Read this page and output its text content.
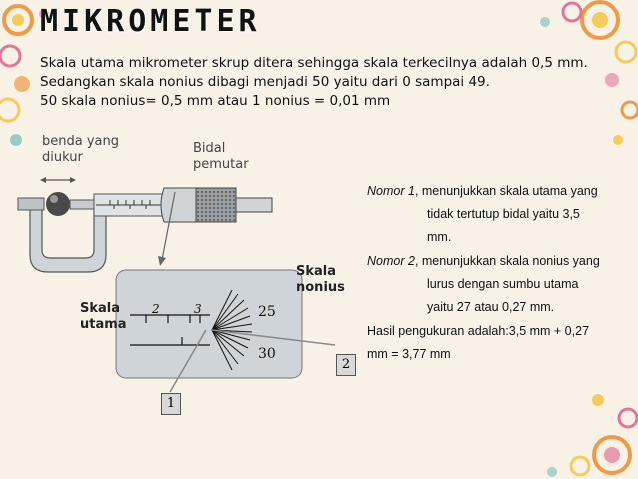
MIKROMETER
Skala utama mikrometer skrup ditera sehingga skala terkecilnya adalah 0,5 mm.
Sedangkan skala nonius dibagi menjadi 50 yaitu dari 0 sampai 49.
50 skala nonius= 0,5 mm atau 1 nonius = 0,01 mm
2	3	25
30
benda yang
diukur
Bidal
pemutar
Skala
utama
Skala
nonius
1
2
Nomor 1, menunjukkan skala utama yang
tidak tertutup bidal yaitu 3,5
mm.
Nomor 2, menunjukkan skala nonius yang
lurus dengan sumbu utama
yaitu 27 atau 0,27 mm.
Hasil pengukuran adalah:3,5 mm + 0,27
mm = 3,77 mm
